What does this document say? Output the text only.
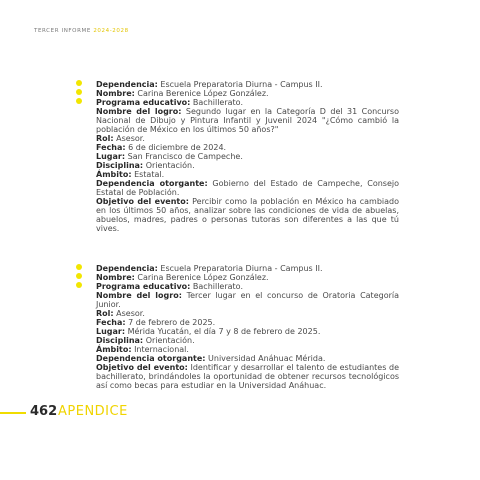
TERCER INFORME 2024-2028

Dependencia: Escuela Preparatoria Diurna - Campus II.

Nombre: Carina Berenice López González.

Programa educativo: Bachillerato.

Nombre del logro: Segundo lugar en la Categoría D del 31 Concurso Nacional de Dibujo y Pintura Infantil y Juvenil 2024 "¿Cómo cambió la población de México en los últimos 50 años?"

Rol: Asesor.

Fecha: 6 de diciembre de 2024.

Lugar: San Francisco de Campeche.

Disciplina: Orientación.

Ámbito: Estatal.

Dependencia otorgante: Gobierno del Estado de Campeche, Consejo Estatal de Población.

Objetivo del evento: Percibir como la población en México ha cambiado en los últimos 50 años, analizar sobre las condiciones de vida de abuelas, abuelos, madres, padres o personas tutoras son diferentes a las que tú vives.

Dependencia: Escuela Preparatoria Diurna - Campus II.

Nombre: Carina Berenice López González.

Programa educativo: Bachillerato.

Nombre del logro: Tercer lugar en el concurso de Oratoria Categoría Junior.

Rol: Asesor.

Fecha: 7 de febrero de 2025.

Lugar: Mérida Yucatán, el día 7 y 8 de febrero de 2025.

Disciplina: Orientación.

Ámbito: Internacional.

Dependencia otorgante: Universidad Anáhuac Mérida.

Objetivo del evento: Identificar y desarrollar el talento de estudiantes de bachillerato, brindándoles la oportunidad de obtener recursos tecnológicos así como becas para estudiar en la Universidad Anáhuac.

462 APENDICE
